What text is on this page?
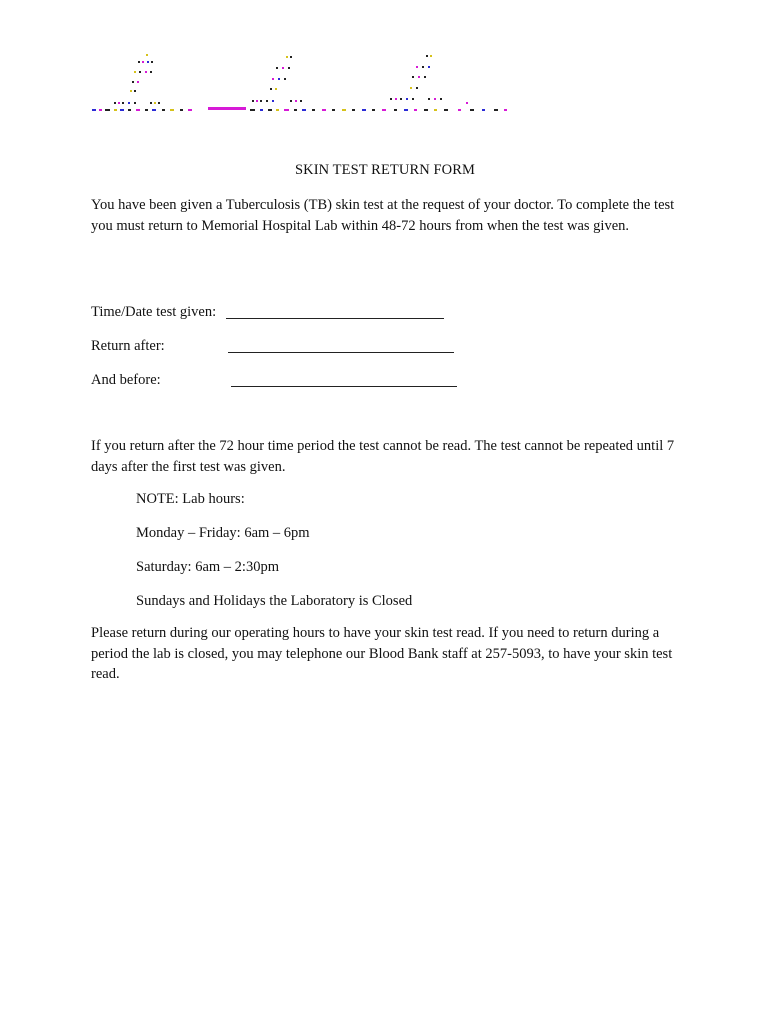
SKIN TEST RETURN FORM
You have been given a Tuberculosis (TB) skin test at the request of your doctor. To complete the test you must return to Memorial Hospital Lab within 48-72 hours from when the test was given.
Time/Date test given:
Return after:
And before:
If you return after the 72 hour time period the test cannot be read. The test cannot be repeated until 7 days after the first test was given.
NOTE: Lab hours:
Monday – Friday: 6am – 6pm
Saturday: 6am – 2:30pm
Sundays and Holidays the Laboratory is Closed
Please return during our operating hours to have your skin test read. If you need to return during a period the lab is closed, you may telephone our Blood Bank staff at 257-5093, to have your skin test read.
